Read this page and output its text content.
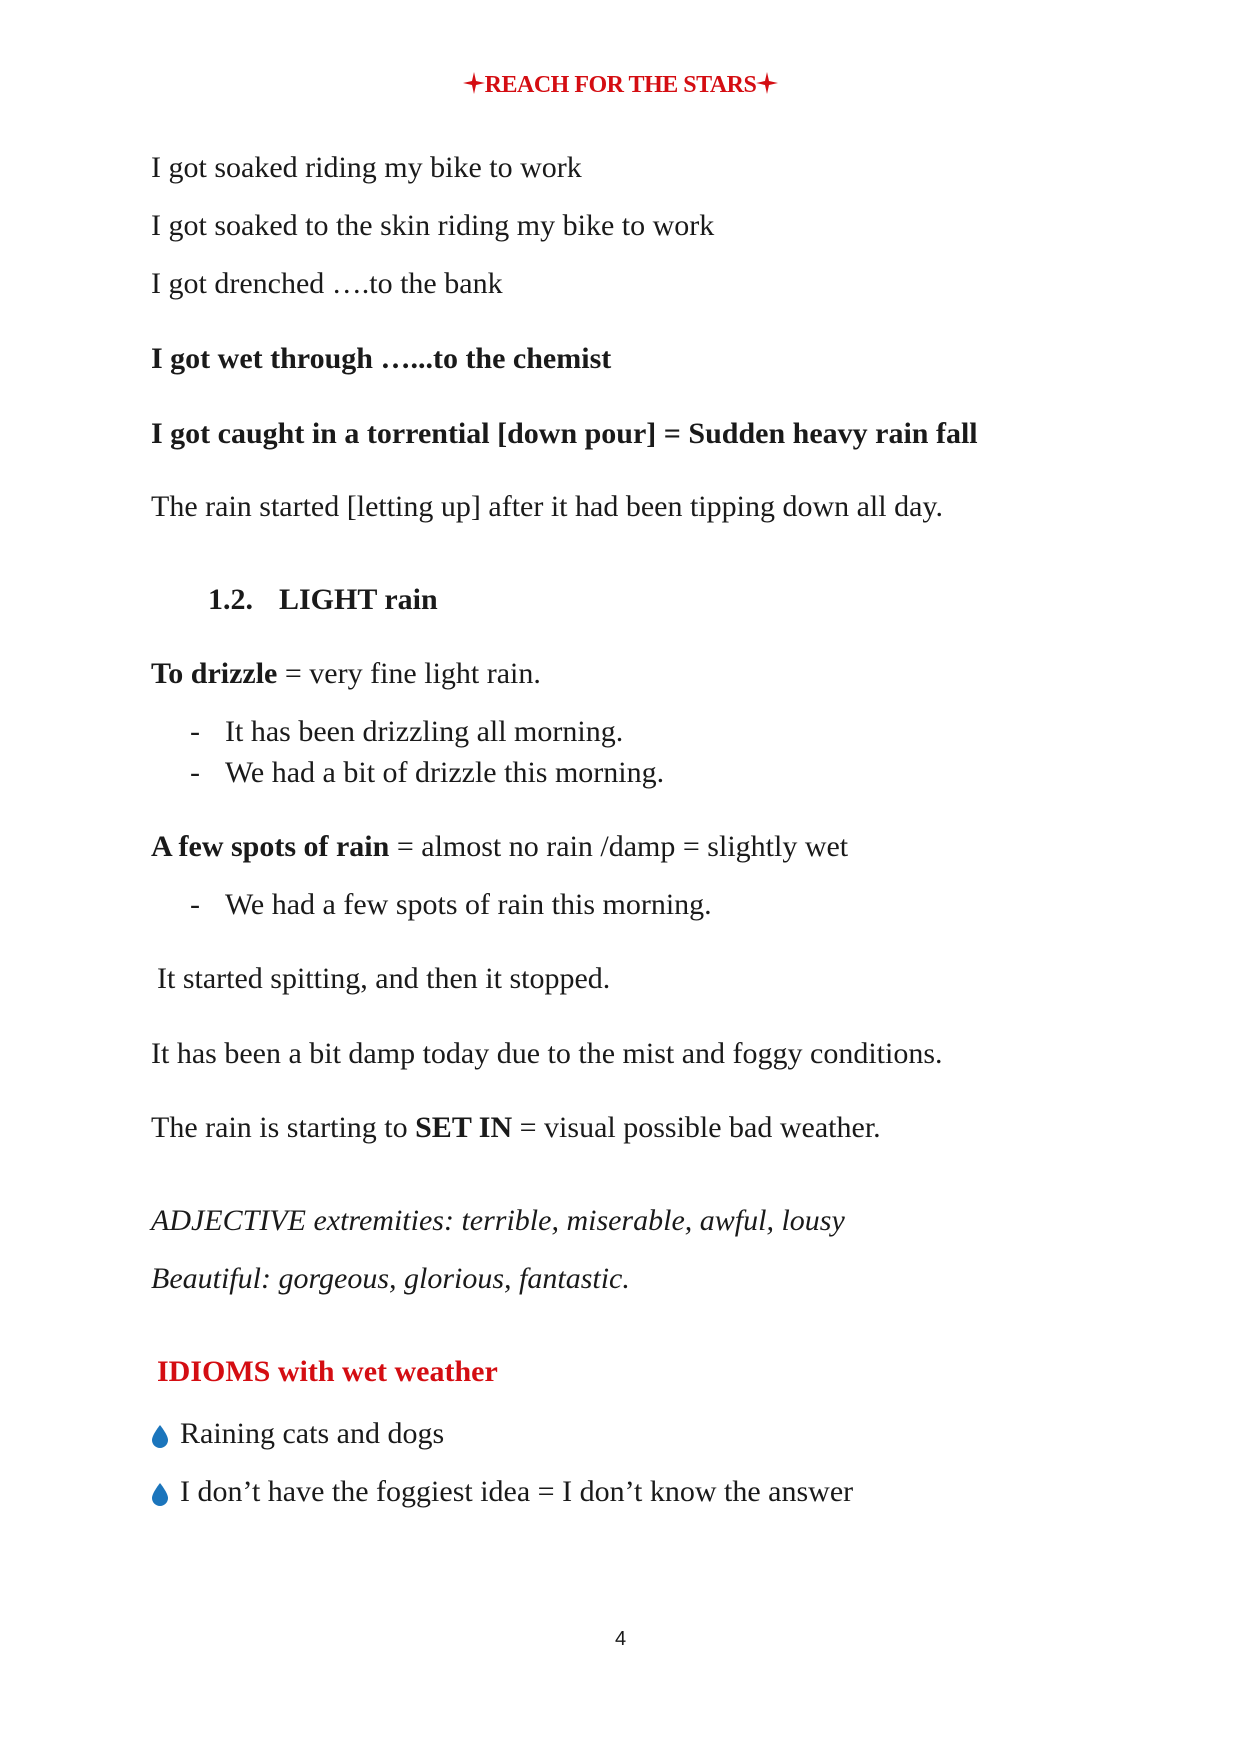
REACH FOR THE STARS

I got soaked riding my bike to work

I got soaked to the skin riding my bike to work

I got drenched ….to the bank

I got wet through …...to the chemist

I got caught in a torrential [down pour] = Sudden heavy rain fall

The rain started [letting up] after it had been tipping down all day.

1.2. LIGHT rain

To drizzle = very fine light rain.

- It has been drizzling all morning.
- We had a bit of drizzle this morning.

A few spots of rain = almost no rain /damp = slightly wet

- We had a few spots of rain this morning.

It started spitting, and then it stopped.

It has been a bit damp today due to the mist and foggy conditions.

The rain is starting to SET IN = visual possible bad weather.

ADJECTIVE extremities: terrible, miserable, awful, lousy

Beautiful: gorgeous, glorious, fantastic.

IDIOMS with wet weather

Raining cats and dogs
I don’t have the foggiest idea = I don’t know the answer
4
